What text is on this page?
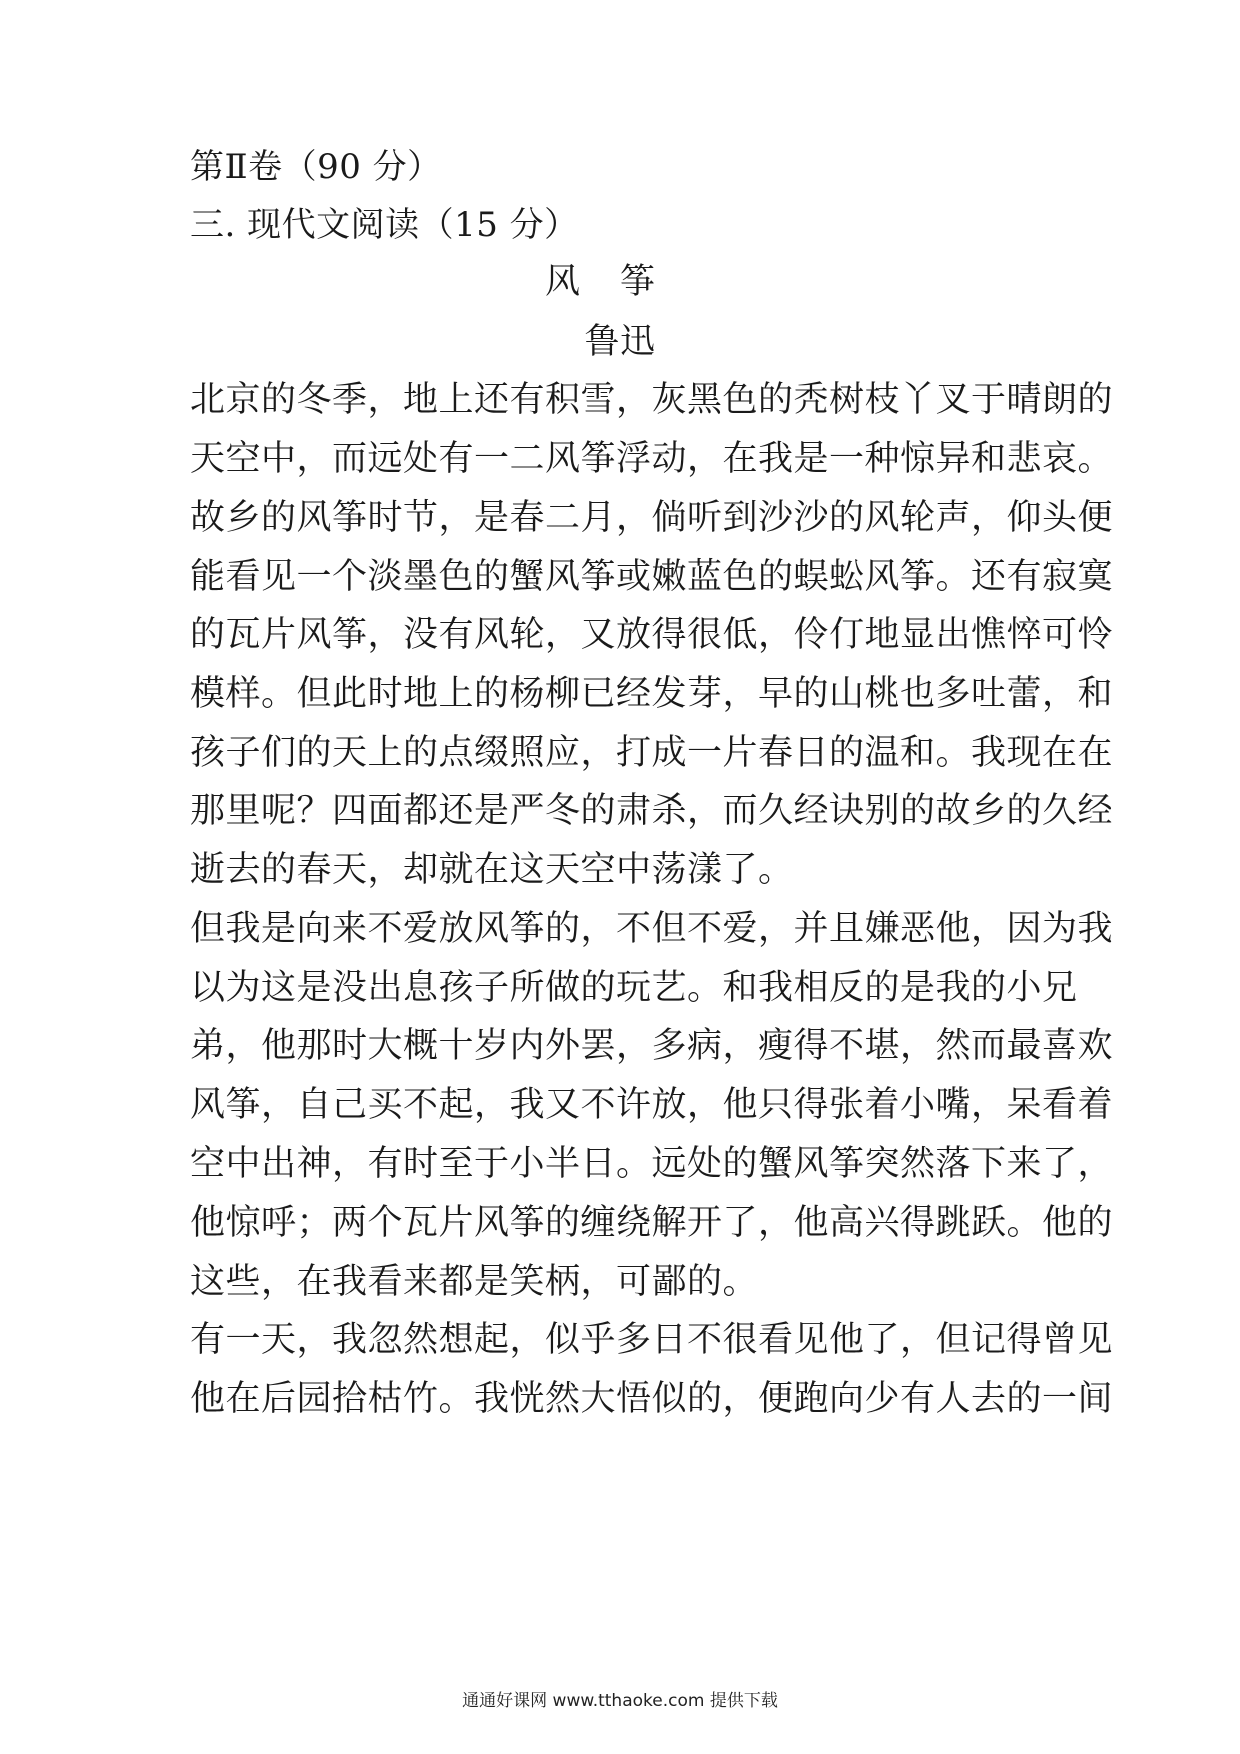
第Ⅱ卷（90 分）
三. 现代文阅读（15 分）
风筝
鲁迅
北京的冬季，地上还有积雪，灰黑色的秃树枝丫叉于晴朗的
天空中，而远处有一二风筝浮动，在我是一种惊异和悲哀。
故乡的风筝时节，是春二月，倘听到沙沙的风轮声，仰头便
能看见一个淡墨色的蟹风筝或嫩蓝色的蜈蚣风筝。还有寂寞
的瓦片风筝，没有风轮，又放得很低，伶仃地显出憔悴可怜
模样。但此时地上的杨柳已经发芽，早的山桃也多吐蕾，和
孩子们的天上的点缀照应，打成一片春日的温和。我现在在
那里呢？四面都还是严冬的肃杀，而久经诀别的故乡的久经
逝去的春天，却就在这天空中荡漾了。
但我是向来不爱放风筝的，不但不爱，并且嫌恶他，因为我
以为这是没出息孩子所做的玩艺。和我相反的是我的小兄
弟，他那时大概十岁内外罢，多病，瘦得不堪，然而最喜欢
风筝，自己买不起，我又不许放，他只得张着小嘴，呆看着
空中出神，有时至于小半日。远处的蟹风筝突然落下来了，
他惊呼；两个瓦片风筝的缠绕解开了，他高兴得跳跃。他的
这些，在我看来都是笑柄，可鄙的。
有一天，我忽然想起，似乎多日不很看见他了，但记得曾见
他在后园拾枯竹。我恍然大悟似的，便跑向少有人去的一间
通通好课网 www.tthaoke.com 提供下载
